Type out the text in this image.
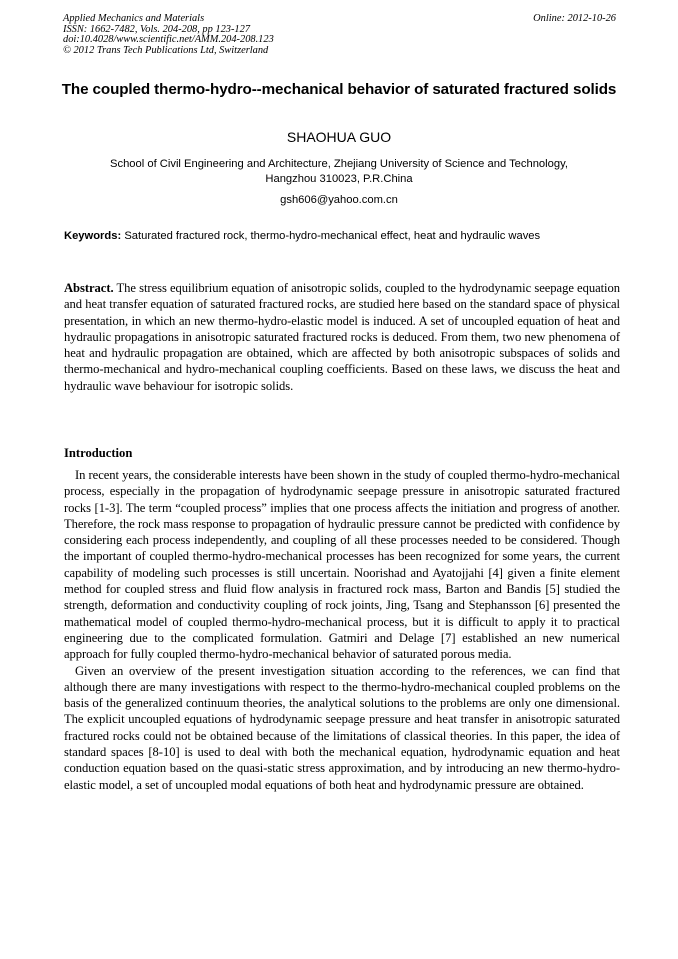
Applied Mechanics and Materials
ISSN: 1662-7482, Vols. 204-208, pp 123-127
doi:10.4028/www.scientific.net/AMM.204-208.123
© 2012 Trans Tech Publications Ltd, Switzerland
Online: 2012-10-26
The coupled thermo-hydro--mechanical behavior of saturated fractured solids
SHAOHUA GUO
School of Civil Engineering and Architecture, Zhejiang University of Science and Technology,
Hangzhou 310023, P.R.China
gsh606@yahoo.com.cn
Keywords: Saturated fractured rock, thermo-hydro-mechanical effect, heat and hydraulic waves
Abstract. The stress equilibrium equation of anisotropic solids, coupled to the hydrodynamic seepage equation and heat transfer equation of saturated fractured rocks, are studied here based on the standard space of physical presentation, in which an new thermo-hydro-elastic model is induced. A set of uncoupled equation of heat and hydraulic propagations in anisotropic saturated fractured rocks is deduced. From them, two new phenomena of heat and hydraulic propagation are obtained, which are affected by both anisotropic subspaces of solids and thermo-mechanical and hydro-mechanical coupling coefficients. Based on these laws, we discuss the heat and hydraulic wave behaviour for isotropic solids.
Introduction

In recent years, the considerable interests have been shown in the study of coupled thermo-hydro-mechanical process, especially in the propagation of hydrodynamic seepage pressure in anisotropic saturated fractured rocks [1-3]. The term “coupled process” implies that one process affects the initiation and progress of another. Therefore, the rock mass response to propagation of hydraulic pressure cannot be predicted with confidence by considering each process independently, and coupling of all these processes needed to be considered. Though the important of coupled thermo-hydro-mechanical processes has been recognized for some years, the current capability of modeling such processes is still uncertain. Noorishad and Ayatojjahi [4] given a finite element method for coupled stress and fluid flow analysis in fractured rock mass, Barton and Bandis [5] studied the strength, deformation and conductivity coupling of rock joints, Jing, Tsang and Stephansson [6] presented the mathematical model of coupled thermo-hydro-mechanical process, but it is difficult to apply it to practical engineering due to the complicated formulation. Gatmiri and Delage [7] established an new numerical approach for fully coupled thermo-hydro-mechanical behavior of saturated porous media.

Given an overview of the present investigation situation according to the references, we can find that although there are many investigations with respect to the thermo-hydro-mechanical coupled problems on the basis of the generalized continuum theories, the analytical solutions to the problems are only one dimensional. The explicit uncoupled equations of hydrodynamic seepage pressure and heat transfer in anisotropic saturated fractured rocks could not be obtained because of the limitations of classical theories. In this paper, the idea of standard spaces [8-10] is used to deal with both the mechanical equation, hydrodynamic equation and heat conduction equation based on the quasi-static stress approximation, and by introducing an new thermo-hydro-elastic model, a set of uncoupled modal equations of both heat and hydrodynamic pressure are obtained.
